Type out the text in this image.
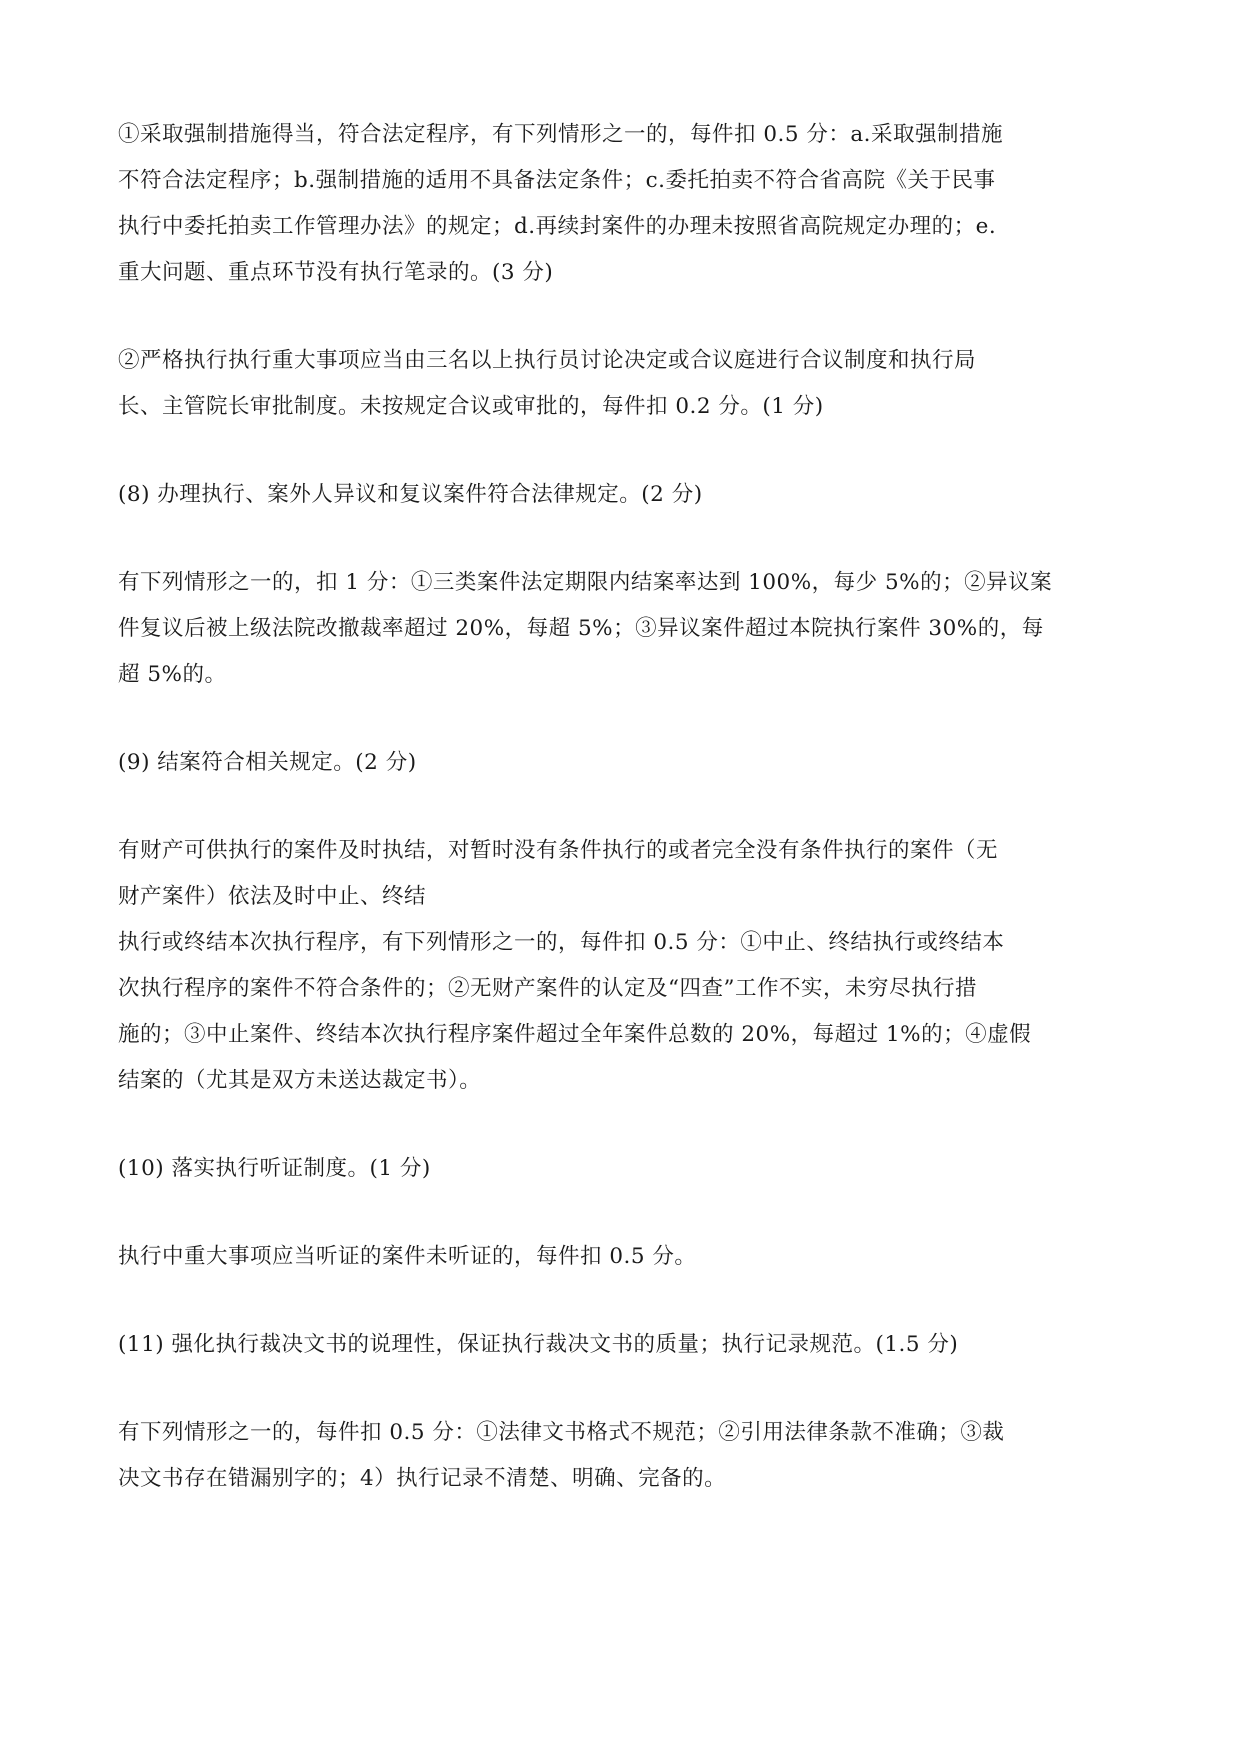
①采取强制措施得当，符合法定程序，有下列情形之一的，每件扣 0.5 分：a.采取强制措施
不符合法定程序；b.强制措施的适用不具备法定条件；c.委托拍卖不符合省高院《关于民事
执行中委托拍卖工作管理办法》的规定；d.再续封案件的办理未按照省高院规定办理的；e.
重大问题、重点环节没有执行笔录的。(3 分)

②严格执行执行重大事项应当由三名以上执行员讨论决定或合议庭进行合议制度和执行局
长、主管院长审批制度。未按规定合议或审批的，每件扣 0.2 分。(1 分)

(8) 办理执行、案外人异议和复议案件符合法律规定。(2 分)

有下列情形之一的，扣 1 分：①三类案件法定期限内结案率达到 100%，每少 5%的；②异议案
件复议后被上级法院改撤裁率超过 20%，每超 5%；③异议案件超过本院执行案件 30%的，每
超 5%的。

(9) 结案符合相关规定。(2 分)

有财产可供执行的案件及时执结，对暂时没有条件执行的或者完全没有条件执行的案件（无
财产案件）依法及时中止、终结

执行或终结本次执行程序，有下列情形之一的，每件扣 0.5 分：①中止、终结执行或终结本
次执行程序的案件不符合条件的；②无财产案件的认定及“四查”工作不实，未穷尽执行措
施的；③中止案件、终结本次执行程序案件超过全年案件总数的 20%，每超过 1%的；④虚假
结案的（尤其是双方未送达裁定书）。

(10) 落实执行听证制度。(1 分)

执行中重大事项应当听证的案件未听证的，每件扣 0.5 分。

(11) 强化执行裁决文书的说理性，保证执行裁决文书的质量；执行记录规范。(1.5 分)

有下列情形之一的，每件扣 0.5 分：①法律文书格式不规范；②引用法律条款不准确；③裁
决文书存在错漏别字的；4）执行记录不清楚、明确、完备的。
